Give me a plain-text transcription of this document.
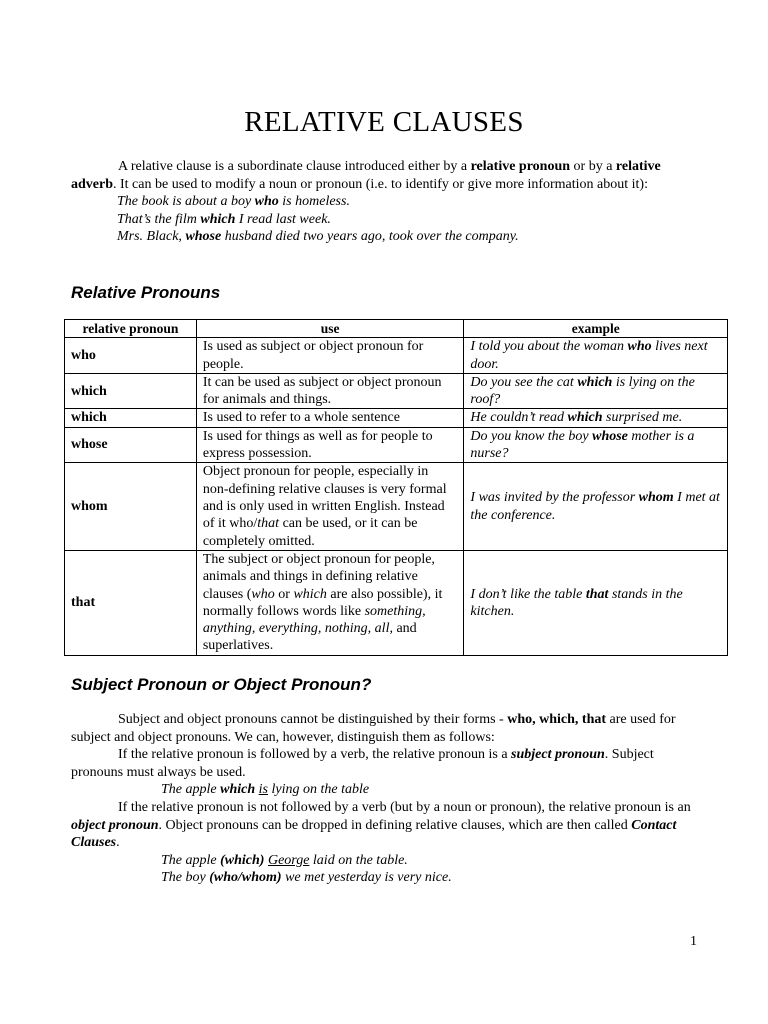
RELATIVE CLAUSES

A relative clause is a subordinate clause introduced either by a relative pronoun or by a relative adverb. It can be used to modify a noun or pronoun (i.e. to identify or give more information about it):

The book is about a boy who is homeless.

That’s the film which I read last week.

Mrs. Black, whose husband died two years ago, took over the company.

Relative Pronouns
relative pronoun	use	example
who	Is used as subject or object pronoun for people.	I told you about the woman who lives next door.
which	It can be used as subject or object pronoun for animals and things.	Do you see the cat which is lying on the roof?
which	Is used to refer to a whole sentence	He couldn’t read which surprised me.
whose	Is used for things as well as for people to express possession.	Do you know the boy whose mother is a nurse?
whom	Object pronoun for people, especially in non-defining relative clauses is very formal and is only used in written English. Instead of it who/that can be used, or it can be completely omitted.	I was invited by the professor whom I met at the conference.
that	The subject or object pronoun for people, animals and things in defining relative clauses (who or which are also possible), it normally follows words like something, anything, everything, nothing, all, and superlatives.	I don’t like the table that stands in the kitchen.
Subject Pronoun or Object Pronoun?

Subject and object pronouns cannot be distinguished by their forms - who, which, that are used for subject and object pronouns. We can, however, distinguish them as follows:

If the relative pronoun is followed by a verb, the relative pronoun is a subject pronoun. Subject pronouns must always be used.

The apple which is lying on the table

If the relative pronoun is not followed by a verb (but by a noun or pronoun), the relative pronoun is an object pronoun. Object pronouns can be dropped in defining relative clauses, which are then called Contact Clauses.

The apple (which) George laid on the table.

The boy (who/whom) we met yesterday is very nice.

1
